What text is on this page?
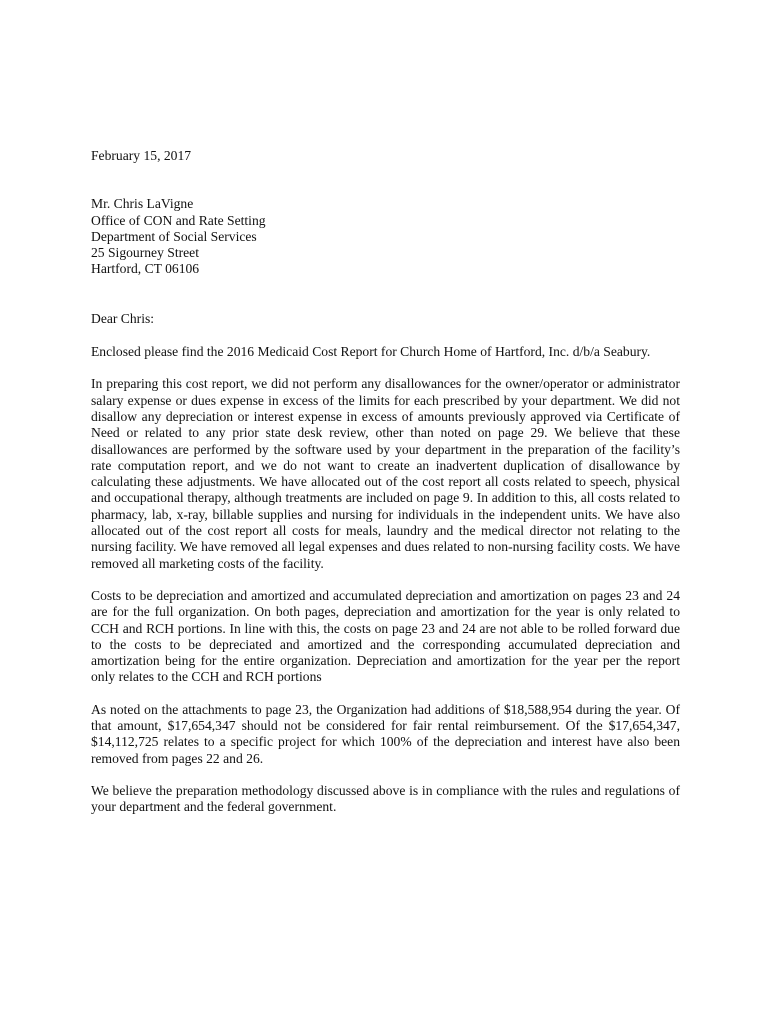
February 15, 2017
Mr. Chris LaVigne
Office of CON and Rate Setting
Department of Social Services
25 Sigourney Street
Hartford, CT 06106
Dear Chris:

Enclosed please find the 2016 Medicaid Cost Report for Church Home of Hartford, Inc. d/b/a Seabury.

In preparing this cost report, we did not perform any disallowances for the owner/operator or administrator salary expense or dues expense in excess of the limits for each prescribed by your department. We did not disallow any depreciation or interest expense in excess of amounts previously approved via Certificate of Need or related to any prior state desk review, other than noted on page 29. We believe that these disallowances are performed by the software used by your department in the preparation of the facility’s rate computation report, and we do not want to create an inadvertent duplication of disallowance by calculating these adjustments. We have allocated out of the cost report all costs related to speech, physical and occupational therapy, although treatments are included on page 9. In addition to this, all costs related to pharmacy, lab, x-ray, billable supplies and nursing for individuals in the independent units. We have also allocated out of the cost report all costs for meals, laundry and the medical director not relating to the nursing facility. We have removed all legal expenses and dues related to non-nursing facility costs. We have removed all marketing costs of the facility.

Costs to be depreciation and amortized and accumulated depreciation and amortization on pages 23 and 24 are for the full organization. On both pages, depreciation and amortization for the year is only related to CCH and RCH portions. In line with this, the costs on page 23 and 24 are not able to be rolled forward due to the costs to be depreciated and amortized and the corresponding accumulated depreciation and amortization being for the entire organization. Depreciation and amortization for the year per the report only relates to the CCH and RCH portions

As noted on the attachments to page 23, the Organization had additions of $18,588,954 during the year. Of that amount, $17,654,347 should not be considered for fair rental reimbursement. Of the $17,654,347, $14,112,725 relates to a specific project for which 100% of the depreciation and interest have also been removed from pages 22 and 26.

We believe the preparation methodology discussed above is in compliance with the rules and regulations of your department and the federal government.
